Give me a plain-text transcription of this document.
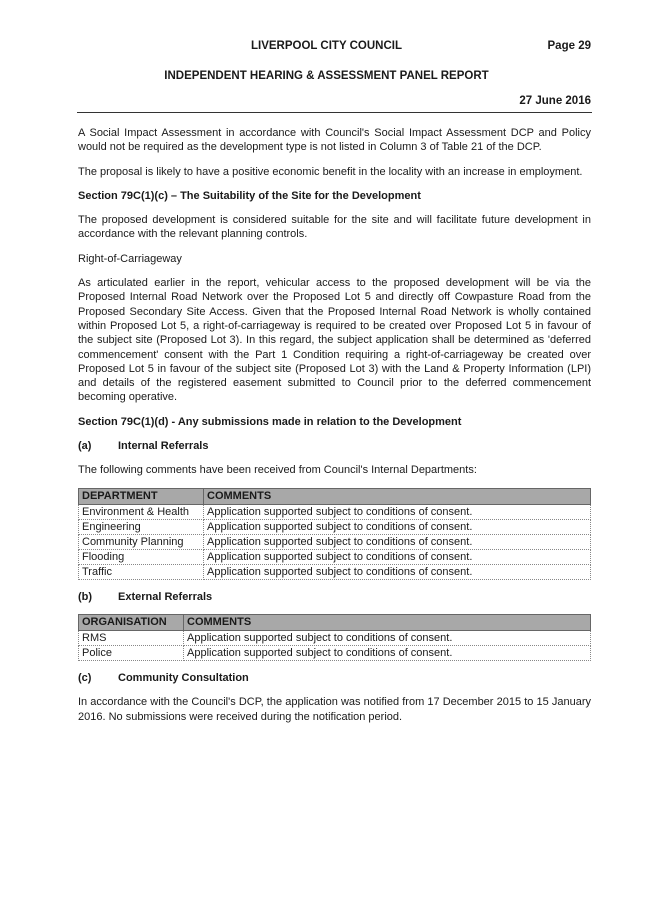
LIVERPOOL CITY COUNCIL	Page 29
INDEPENDENT HEARING & ASSESSMENT PANEL REPORT
27 June 2016

A Social Impact Assessment in accordance with Council's Social Impact Assessment DCP and Policy would not be required as the development type is not listed in Column 3 of Table 21 of the DCP.

The proposal is likely to have a positive economic benefit in the locality with an increase in employment.

Section 79C(1)(c) – The Suitability of the Site for the Development

The proposed development is considered suitable for the site and will facilitate future development in accordance with the relevant planning controls.

Right-of-Carriageway

As articulated earlier in the report, vehicular access to the proposed development will be via the Proposed Internal Road Network over the Proposed Lot 5 and directly off Cowpasture Road from the Proposed Secondary Site Access. Given that the Proposed Internal Road Network is wholly contained within Proposed Lot 5, a right-of-carriageway is required to be created over Proposed Lot 5 in favour of the subject site (Proposed Lot 3). In this regard, the subject application shall be determined as 'deferred commencement' consent with the Part 1 Condition requiring a right-of-carriageway be created over Proposed Lot 5 in favour of the subject site (Proposed Lot 3) with the Land & Property Information (LPI) and details of the registered easement submitted to Council prior to the deferred commencement becoming operative.

Section 79C(1)(d) - Any submissions made in relation to the Development
(a) Internal Referrals

The following comments have been received from Council's Internal Departments:

DEPARTMENT	COMMENTS
Environment & Health	Application supported subject to conditions of consent.
Engineering	Application supported subject to conditions of consent.
Community Planning	Application supported subject to conditions of consent.
Flooding	Application supported subject to conditions of consent.
Traffic	Application supported subject to conditions of consent.
(b) External Referrals
ORGANISATION	COMMENTS
RMS	Application supported subject to conditions of consent.
Police	Application supported subject to conditions of consent.
(c) Community Consultation

In accordance with the Council's DCP, the application was notified from 17 December 2015 to 15 January 2016. No submissions were received during the notification period.
